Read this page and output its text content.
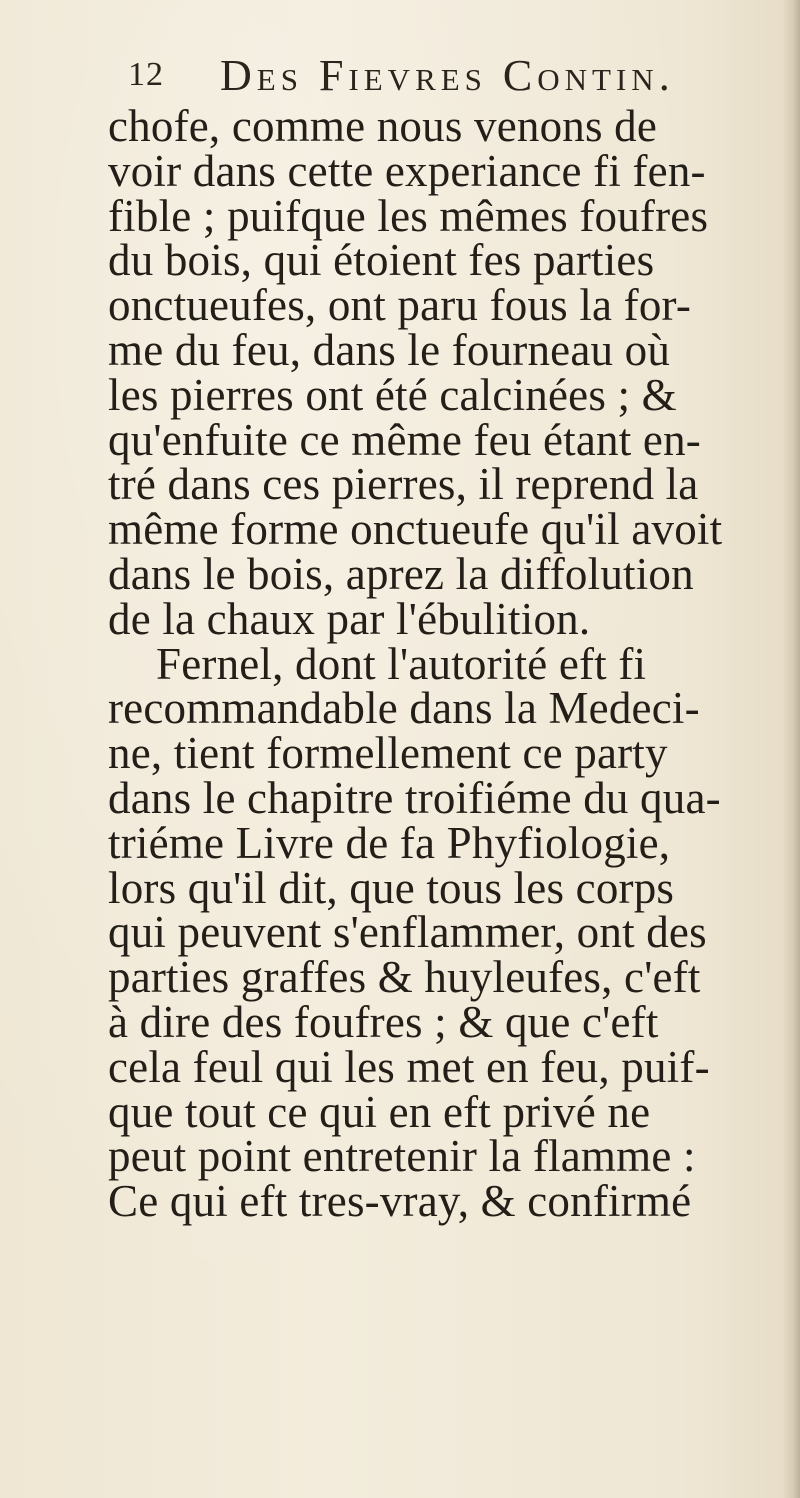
12 Des Fievres Contin.
chofe, comme nous venons de
voir dans cette experiance fi fen-
fible ; puifque les mêmes foufres
du bois, qui étoient fes parties
onctueufes, ont paru fous la for-
me du feu, dans le fourneau où
les pierres ont été calcinées ; &
qu'enfuite ce même feu étant en-
tré dans ces pierres, il reprend la
même forme onctueufe qu'il avoit
dans le bois, aprez la diffolution
de la chaux par l'ébulition.
Fernel, dont l'autorité eft fi
recommandable dans la Medeci-
ne, tient formellement ce party
dans le chapitre troifiéme du qua-
triéme Livre de fa Phyfiologie,
lors qu'il dit, que tous les corps
qui peuvent s'enflammer, ont des
parties graffes & huyleufes, c'eft
à dire des foufres ; & que c'eft
cela feul qui les met en feu, puif-
que tout ce qui en eft privé ne
peut point entretenir la flamme :
Ce qui eft tres-vray, & confirmé
